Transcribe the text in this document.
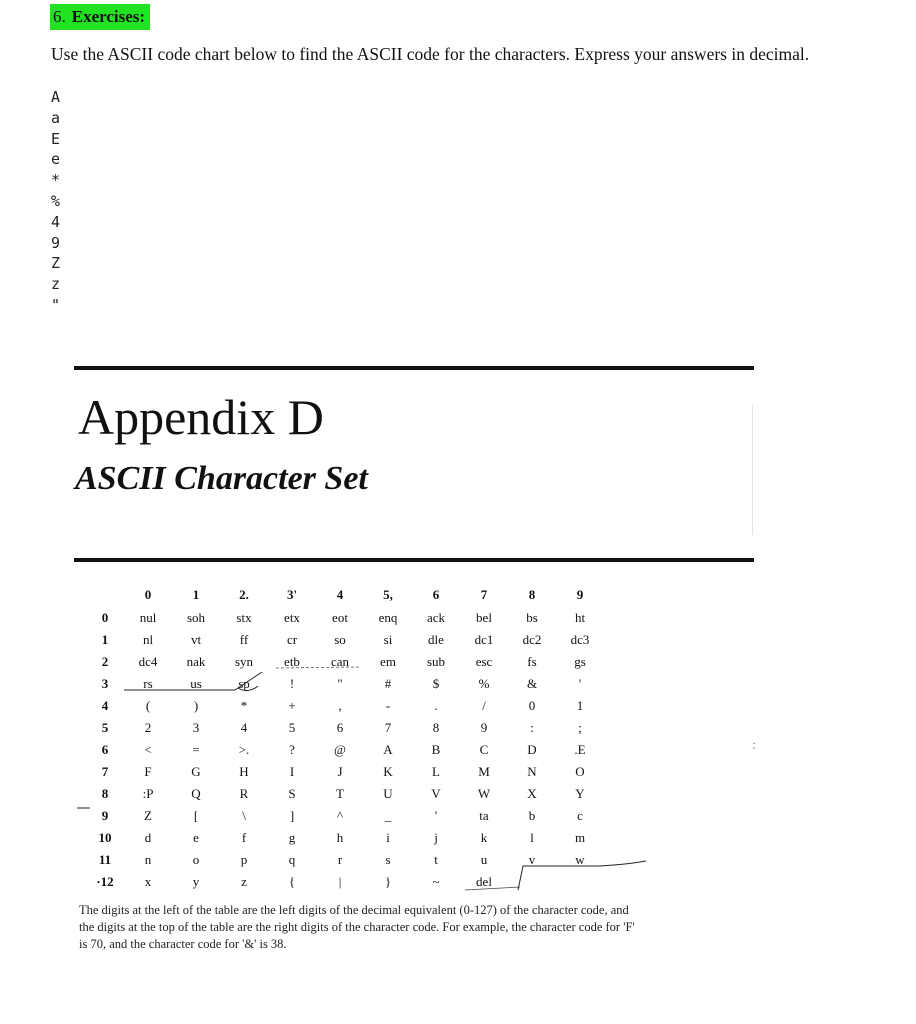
6. Exercises:
Use the ASCII code chart below to find the ASCII code for the characters. Express your answers in decimal.
A
a
E
e
*
%
4
9
Z
z
"
Appendix D
ASCII Character Set
:
	0	1	2.	3'	4	5,	6	7	8	9
0	nul	soh	stx	etx	eot	enq	ack	bel	bs	ht
1	nl	vt	ff	cr	so	si	dle	dc1	dc2	dc3
2	dc4	nak	syn	etb	can	em	sub	esc	fs	gs
3	rs	us	sp	!	"	#	$	%	&	'
4	(	)	*	+	,	-	.	/	0	1
5	2	3	4	5	6	7	8	9	:	;
6	<	=	>.	?	@	A	B	C	D	.E
7	F	G	H	I	J	K	L	M	N	O
8	:P	Q	R	S	T	U	V	W	X	Y
9	Z	[	\	]	^	_	'	ta	b	c
10	d	e	f	g	h	i	j	k	l	m
11	n	o	p	q	r	s	t	u	v	w
·12	x	y	z	{	|	}	~	del		
The digits at the left of the table are the left digits of the decimal equivalent (0-127) of the character code, and the digits at the top of the table are the right digits of the character code. For example, the character code for 'F' is 70, and the character code for '&' is 38.
